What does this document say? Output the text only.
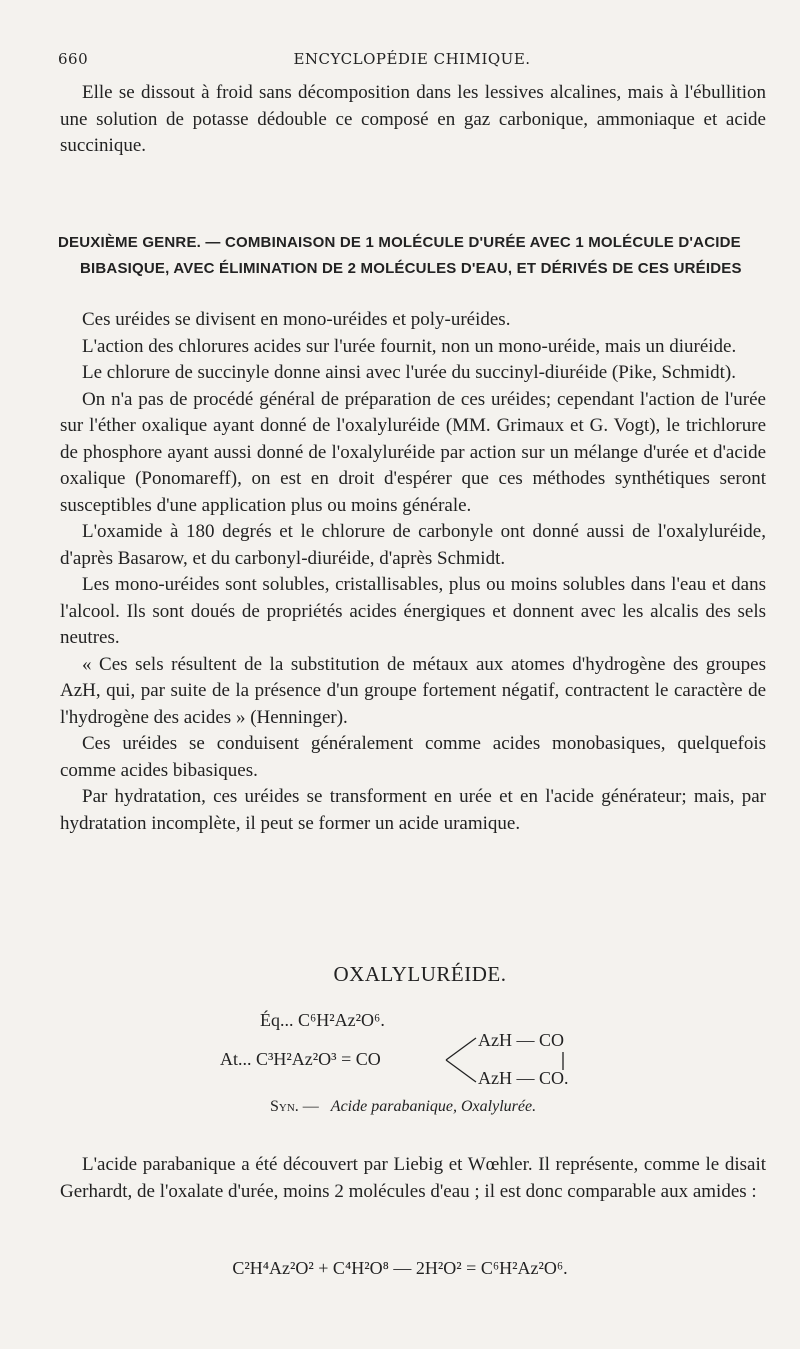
660	ENCYCLOPÉDIE CHIMIQUE.

Elle se dissout à froid sans décomposition dans les lessives alcalines, mais à l'ébullition une solution de potasse dédouble ce composé en gaz carbonique, ammoniaque et acide succinique.

DEUXIÈME GENRE. — COMBINAISON DE 1 MOLÉCULE D'URÉE AVEC 1 MOLÉCULE D'ACIDE
BIBASIQUE, AVEC ÉLIMINATION DE 2 MOLÉCULES D'EAU, ET DÉRIVÉS DE CES URÉIDES

Ces uréides se divisent en mono-uréides et poly-uréides.

L'action des chlorures acides sur l'urée fournit, non un mono-uréide, mais un diuréide.

Le chlorure de succinyle donne ainsi avec l'urée du succinyl-diuréide (Pike, Schmidt).

On n'a pas de procédé général de préparation de ces uréides; cependant l'action de l'urée sur l'éther oxalique ayant donné de l'oxalyluréide (MM. Grimaux et G. Vogt), le trichlorure de phosphore ayant aussi donné de l'oxalyluréide par action sur un mélange d'urée et d'acide oxalique (Ponomareff), on est en droit d'espérer que ces méthodes synthétiques seront susceptibles d'une application plus ou moins générale.

L'oxamide à 180 degrés et le chlorure de carbonyle ont donné aussi de l'oxalyluréide, d'après Basarow, et du carbonyl-diuréide, d'après Schmidt.

Les mono-uréides sont solubles, cristallisables, plus ou moins solubles dans l'eau et dans l'alcool. Ils sont doués de propriétés acides énergiques et donnent avec les alcalis des sels neutres.

« Ces sels résultent de la substitution de métaux aux atomes d'hydrogène des groupes AzH, qui, par suite de la présence d'un groupe fortement négatif, contractent le caractère de l'hydrogène des acides » (Henninger).

Ces uréides se conduisent généralement comme acides monobasiques, quelquefois comme acides bibasiques.

Par hydratation, ces uréides se transforment en urée et en l'acide générateur; mais, par hydratation incomplète, il peut se former un acide uramique.

OXALYLURÉIDE.
Éq... C⁶H²Az²O⁶.
At... C³H²Az²O³ = CO
AzH — CO
AzH — CO.
Syn. — Acide parabanique, Oxalylurée.

L'acide parabanique a été découvert par Liebig et Wœhler. Il représente, comme le disait Gerhardt, de l'oxalate d'urée, moins 2 molécules d'eau ; il est donc comparable aux amides :

C²H⁴Az²O² + C⁴H²O⁸ — 2H²O² = C⁶H²Az²O⁶.
